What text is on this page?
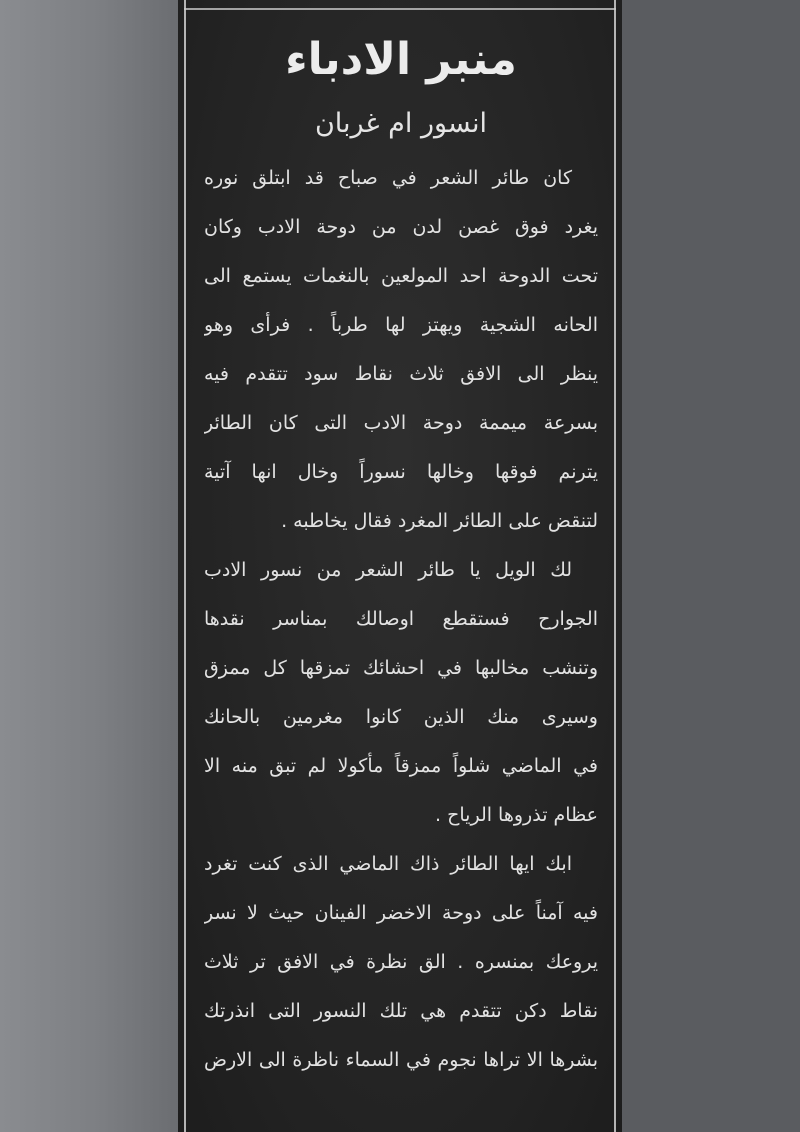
منبر الادباء
انسور ام غربان
كان طائر الشعر في صباح قد ابتلق نوره
يغرد فوق غصن لدن من دوحة الادب وكان
تحت الدوحة احد المولعين بالنغمات يستمع الى
الحانه الشجية ويهتز لها طرباً . فرأى وهو
ينظر الى الافق ثلاث نقاط سود تتقدم فيه
بسرعة ميممة دوحة الادب التى كان الطائر
يترنم فوقها وخالها نسوراً وخال انها آتية
لتنقض على الطائر المغرد فقال يخاطبه .
لك الويل يا طائر الشعر من نسور الادب
الجوارح فستقطع اوصالك بمناسر نقدها
وتنشب مخالبها في احشائك تمزقها كل ممزق
وسيرى منك الذين كانوا مغرمين بالحانك
في الماضي شلواً ممزقاً مأكولا لم تبق منه الا
عظام تذروها الرياح .
ابك ايها الطائر ذاك الماضي الذى كنت تغرد
فيه آمناً على دوحة الاخضر الفينان حيث لا نسر
يروعك بمنسره . الق نظرة في الافق تر ثلاث
نقاط دكن تتقدم هي تلك النسور التى انذرتك
بشرها الا تراها نجوم في السماء ناظرة الى الارض
